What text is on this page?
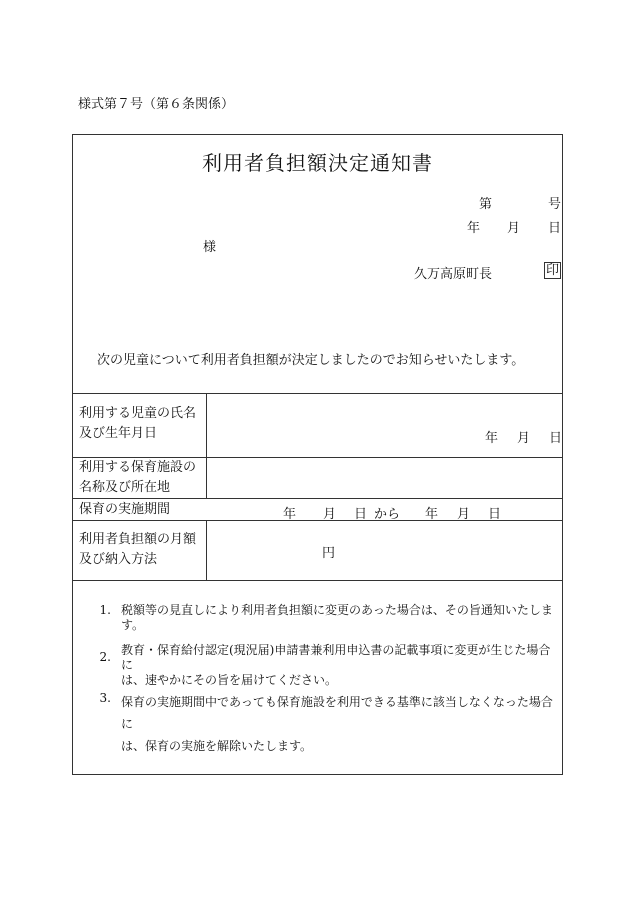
様式第７号（第６条関係）
利用者負担額決定通知書
第	号
年 月 日
様
久万高原町長	印
次の児童について利用者負担額が決定しましたのでお知らせいたします。
利用する児童の氏名
及び生年月日	年 月 日
利用する保育施設の
名称及び所在地
保育の実施期間	年 月 日 から 年 月 日
利用者負担額の月額
及び納入方法	円
1. 税額等の見直しにより利用者負担額に変更のあった場合は、その旨通知いたします。
2. 教育・保育給付認定(現況届)申請書兼利用申込書の記載事項に変更が生じた場合に
は、速やかにその旨を届けてください。
3. 保育の実施期間中であっても保育施設を利用できる基準に該当しなくなった場合に
は、保育の実施を解除いたします。
